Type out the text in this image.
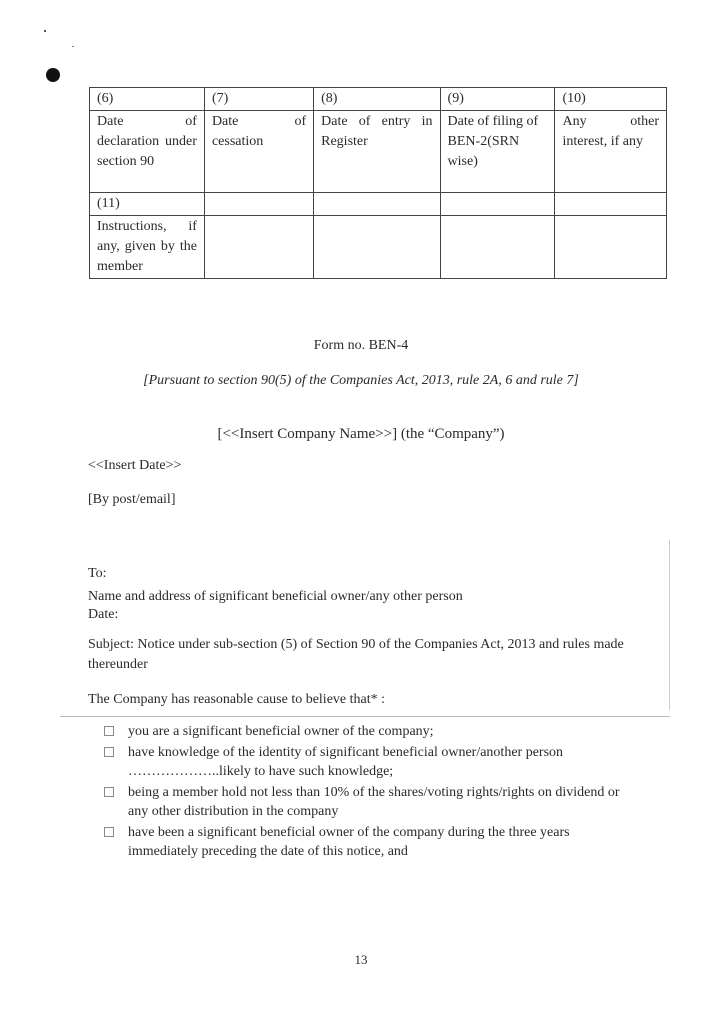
(6)	(7)	(8)	(9)	(10)
Date of declaration under section 90	Date of cessation	Date of entry in Register	Date of filing of BEN-2(SRN wise)	Any other interest, if any
(11)				
Instructions, if any, given by the member				
Form no. BEN-4
[Pursuant to section 90(5) of the Companies Act, 2013, rule 2A, 6 and rule 7]
[<<Insert Company Name>>] (the “Company”)
<<Insert Date>>
[By post/email]
To:
Name and address of significant beneficial owner/any other person
Date:
Subject: Notice under sub-section (5) of Section 90 of the Companies Act, 2013 and rules made thereunder
The Company has reasonable cause to believe that* :
you are a significant beneficial owner of the company;
have knowledge of the identity of significant beneficial owner/another person ………………..likely to have such knowledge;
being a member hold not less than 10% of the shares/voting rights/rights on dividend or any other distribution in the company
have been a significant beneficial owner of the company during the three years immediately preceding the date of this notice, and
13
